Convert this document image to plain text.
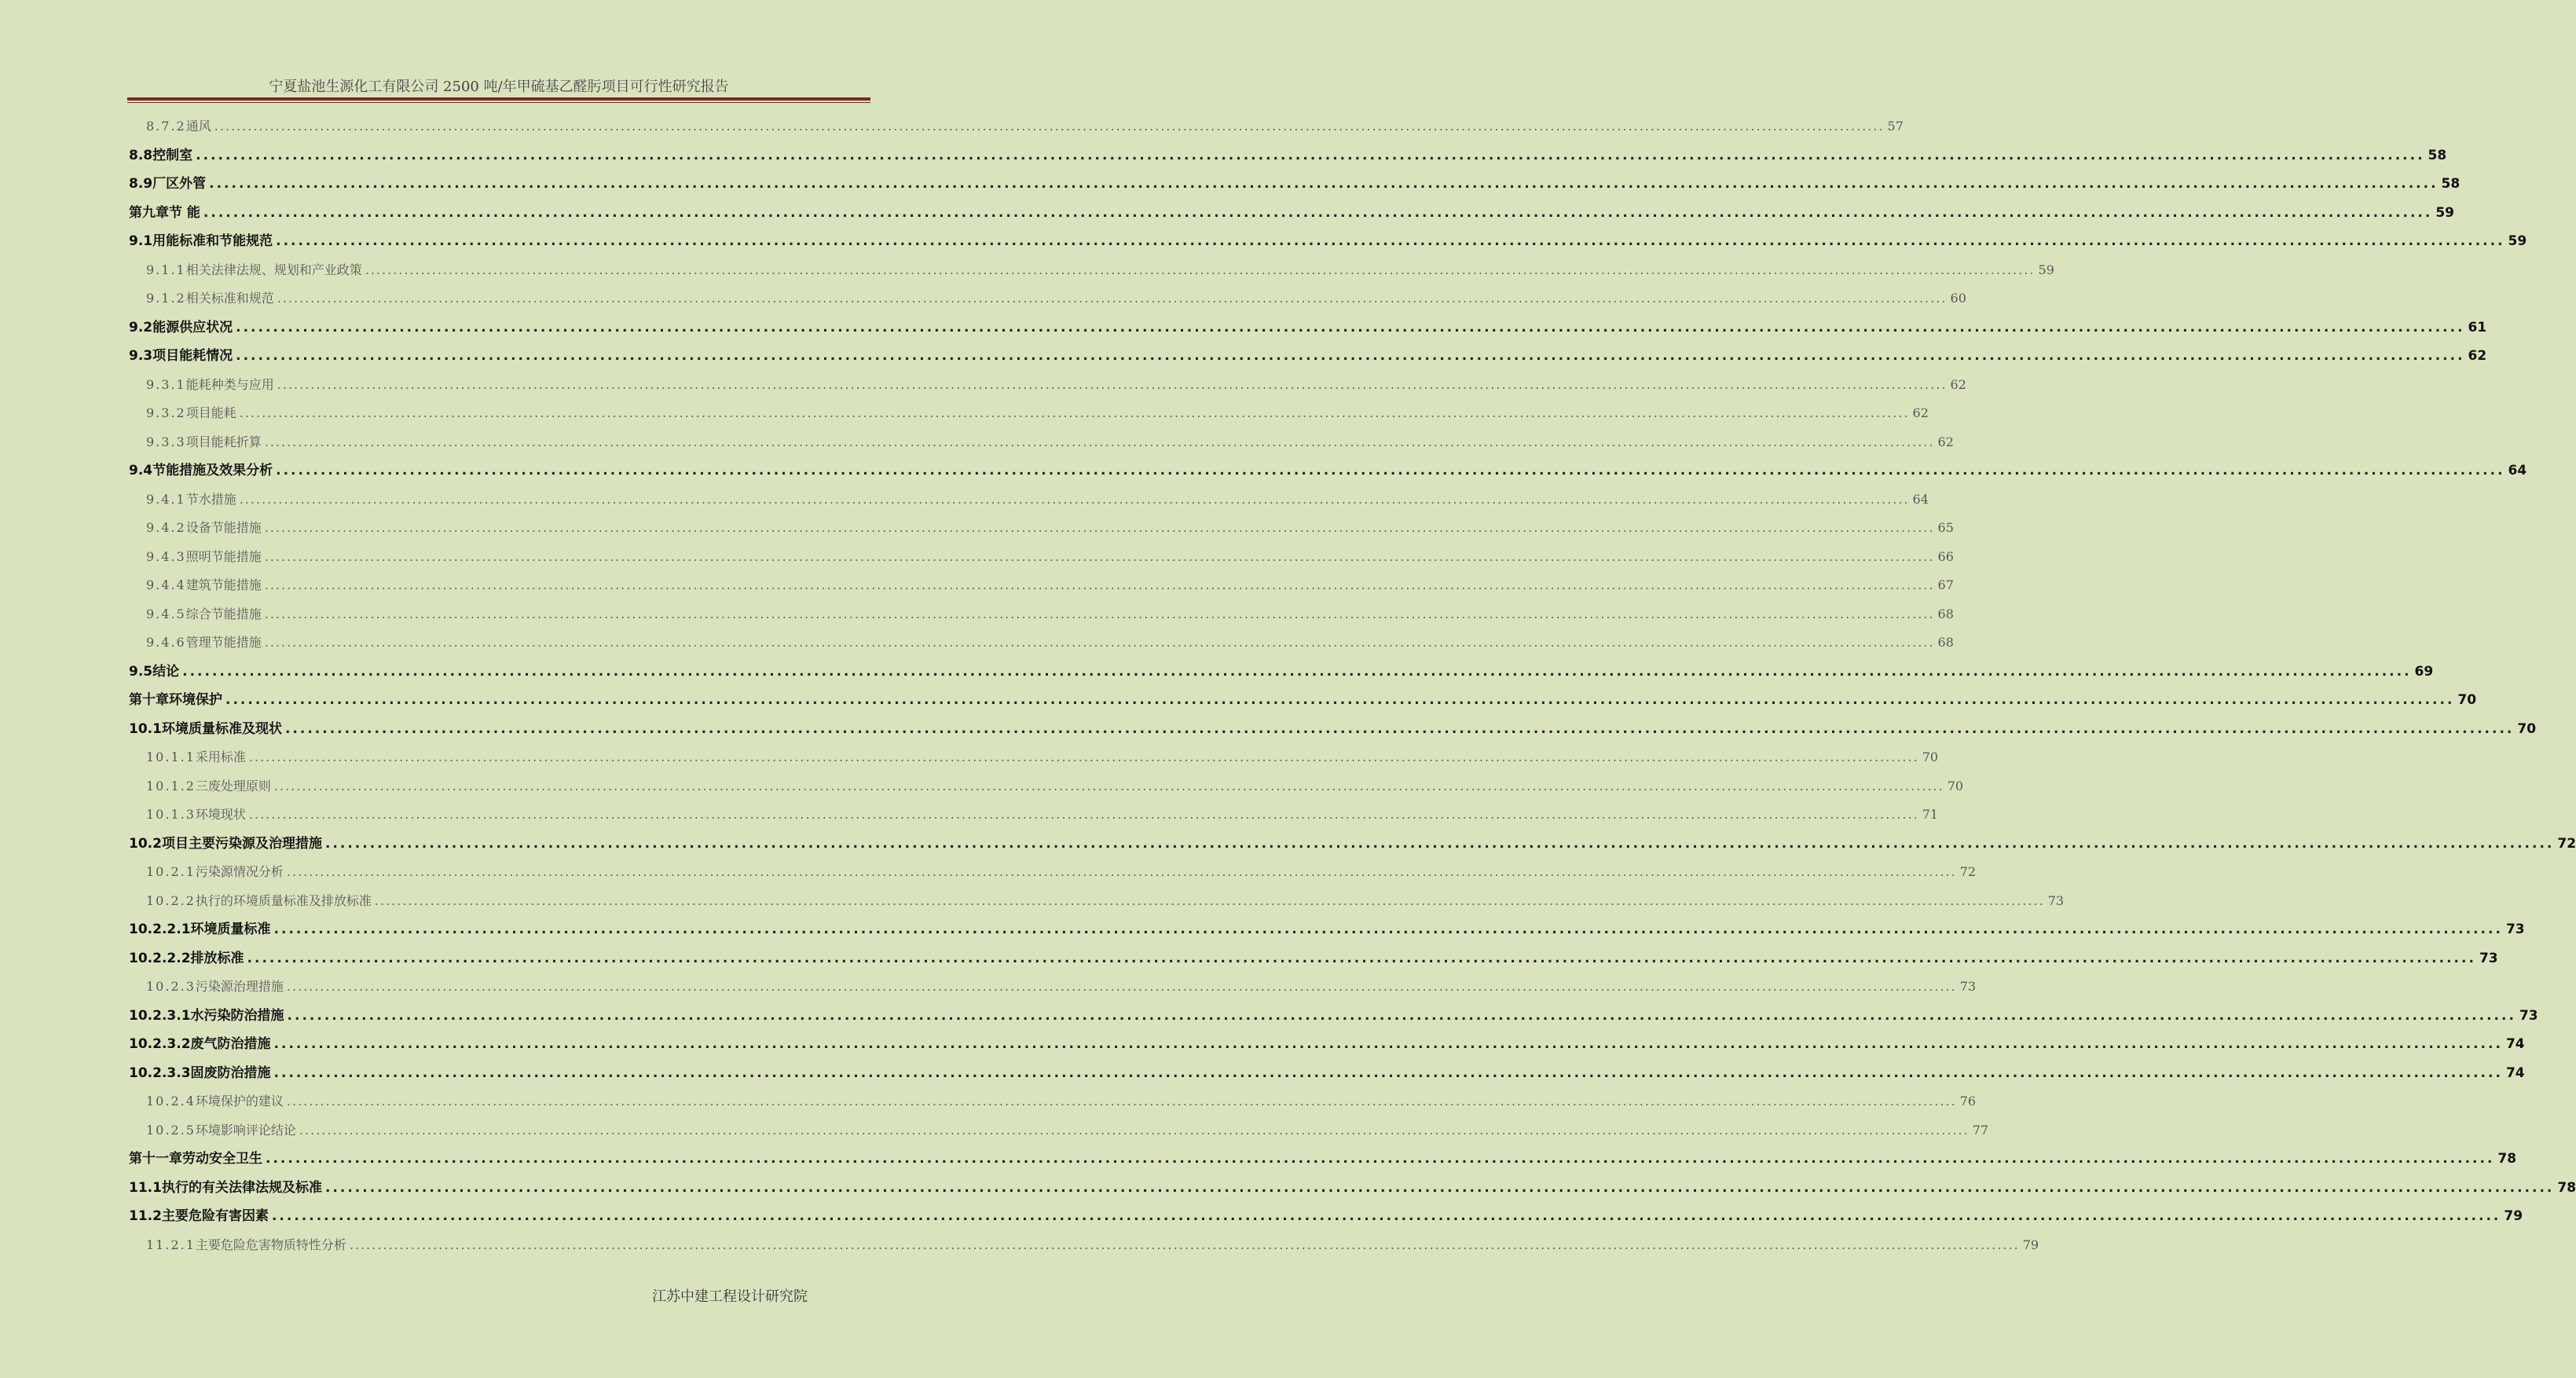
宁夏盐池生源化工有限公司 2500 吨/年甲硫基乙醛肟项目可行性研究报告
8.7.2 通风 ............................................................................................................................................................................................................................................................................................................ 57
8.8 控制室 ............................................................................................................................................................................................................................................................................................................ 58
8.9 厂区外管 ............................................................................................................................................................................................................................................................................................................ 58
第九章 节 能 ............................................................................................................................................................................................................................................................................................................ 59
9.1 用能标准和节能规范 ............................................................................................................................................................................................................................................................................................................ 59
9.1.1 相关法律法规、规划和产业政策 ............................................................................................................................................................................................................................................................................................................ 59
9.1.2 相关标准和规范 ............................................................................................................................................................................................................................................................................................................ 60
9.2 能源供应状况 ............................................................................................................................................................................................................................................................................................................ 61
9.3 项目能耗情况 ............................................................................................................................................................................................................................................................................................................ 62
9.3.1 能耗种类与应用 ............................................................................................................................................................................................................................................................................................................ 62
9.3.2 项目能耗 ............................................................................................................................................................................................................................................................................................................ 62
9.3.3 项目能耗折算 ............................................................................................................................................................................................................................................................................................................ 62
9.4 节能措施及效果分析 ............................................................................................................................................................................................................................................................................................................ 64
9.4.1 节水措施 ............................................................................................................................................................................................................................................................................................................ 64
9.4.2 设备节能措施 ............................................................................................................................................................................................................................................................................................................ 65
9.4.3 照明节能措施 ............................................................................................................................................................................................................................................................................................................ 66
9.4.4 建筑节能措施 ............................................................................................................................................................................................................................................................................................................ 67
9.4.5 综合节能措施 ............................................................................................................................................................................................................................................................................................................ 68
9.4.6 管理节能措施 ............................................................................................................................................................................................................................................................................................................ 68
9.5 结论 ............................................................................................................................................................................................................................................................................................................ 69
第十章 环境保护 ............................................................................................................................................................................................................................................................................................................ 70
10.1 环境质量标准及现状 ............................................................................................................................................................................................................................................................................................................ 70
10.1.1 采用标准 ............................................................................................................................................................................................................................................................................................................ 70
10.1.2 三废处理原则 ............................................................................................................................................................................................................................................................................................................ 70
10.1.3 环境现状 ............................................................................................................................................................................................................................................................................................................ 71
10.2 项目主要污染源及治理措施 ............................................................................................................................................................................................................................................................................................................ 72
10.2.1 污染源情况分析 ............................................................................................................................................................................................................................................................................................................ 72
10.2.2 执行的环境质量标准及排放标准 ............................................................................................................................................................................................................................................................................................................ 73
10.2.2.1 环境质量标准 ............................................................................................................................................................................................................................................................................................................ 73
10.2.2.2 排放标准 ............................................................................................................................................................................................................................................................................................................ 73
10.2.3 污染源治理措施 ............................................................................................................................................................................................................................................................................................................ 73
10.2.3.1 水污染防治措施 ............................................................................................................................................................................................................................................................................................................ 73
10.2.3.2 废气防治措施 ............................................................................................................................................................................................................................................................................................................ 74
10.2.3.3 固废防治措施 ............................................................................................................................................................................................................................................................................................................ 74
10.2.4 环境保护的建议 ............................................................................................................................................................................................................................................................................................................ 76
10.2.5 环境影响评论结论 ............................................................................................................................................................................................................................................................................................................ 77
第十一章 劳动安全卫生 ............................................................................................................................................................................................................................................................................................................ 78
11.1 执行的有关法律法规及标准 ............................................................................................................................................................................................................................................................................................................ 78
11.2 主要危险有害因素 ............................................................................................................................................................................................................................................................................................................ 79
11.2.1 主要危险危害物质特性分析 ............................................................................................................................................................................................................................................................................................................ 79
江苏中建工程设计研究院
